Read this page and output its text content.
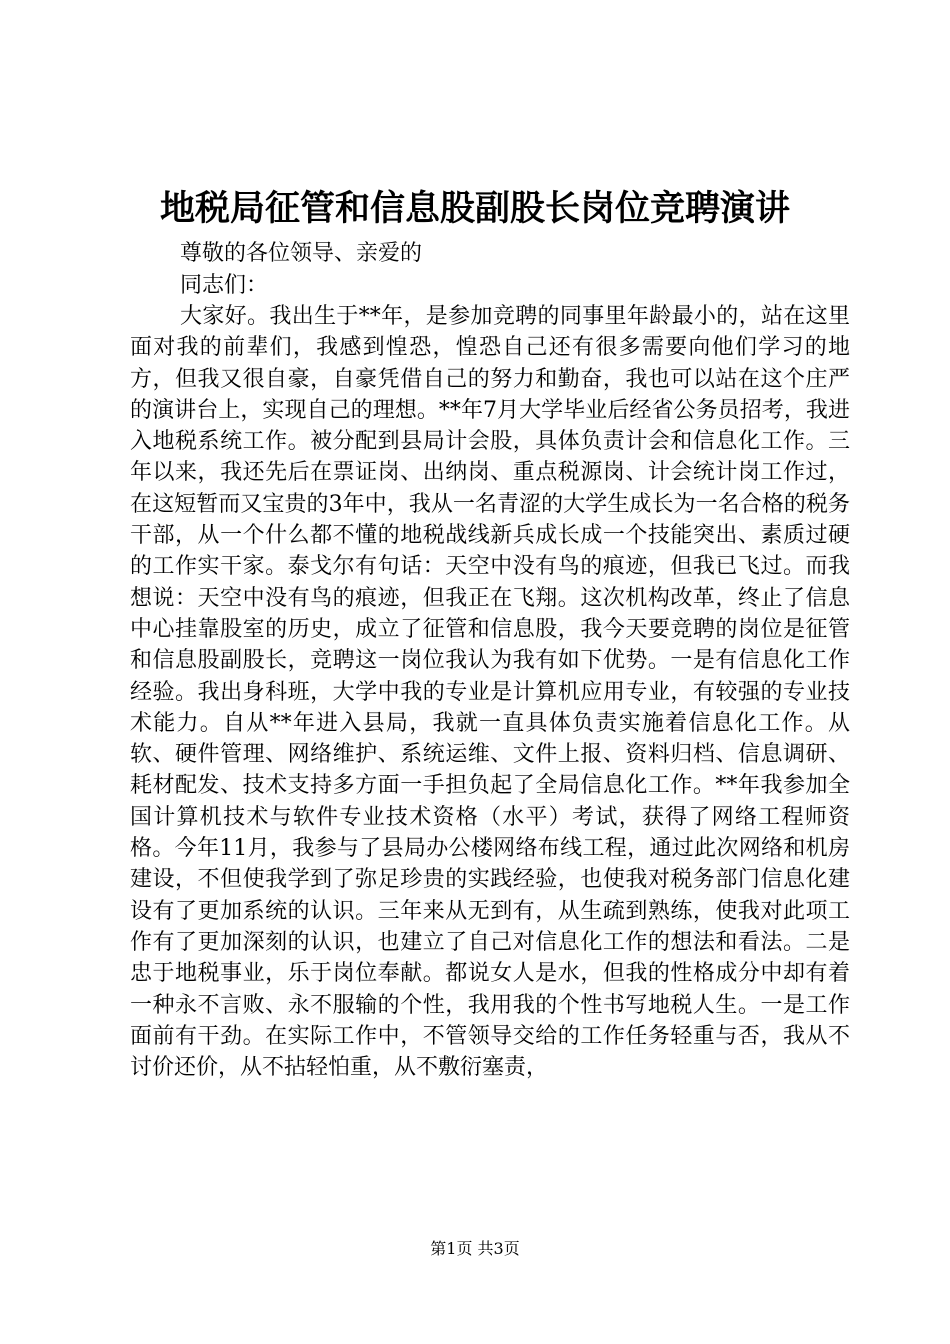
地税局征管和信息股副股长岗位竞聘演讲

尊敬的各位领导、亲爱的

同志们：

大家好。我出生于**年，是参加竞聘的同事里年龄最小的，站在这里面对我的前辈们，我感到惶恐，惶恐自己还有很多需要向他们学习的地方，但我又很自豪，自豪凭借自己的努力和勤奋，我也可以站在这个庄严的演讲台上，实现自己的理想。**年7月大学毕业后经省公务员招考，我进入地税系统工作。被分配到县局计会股，具体负责计会和信息化工作。三年以来，我还先后在票证岗、出纳岗、重点税源岗、计会统计岗工作过，在这短暂而又宝贵的3年中，我从一名青涩的大学生成长为一名合格的税务干部，从一个什么都不懂的地税战线新兵成长成一个技能突出、素质过硬的工作实干家。泰戈尔有句话：天空中没有鸟的痕迹，但我已飞过。而我想说：天空中没有鸟的痕迹，但我正在飞翔。这次机构改革，终止了信息中心挂靠股室的历史，成立了征管和信息股，我今天要竞聘的岗位是征管和信息股副股长，竞聘这一岗位我认为我有如下优势。一是有信息化工作经验。我出身科班，大学中我的专业是计算机应用专业，有较强的专业技术能力。自从**年进入县局，我就一直具体负责实施着信息化工作。从软、硬件管理、网络维护、系统运维、文件上报、资料归档、信息调研、耗材配发、技术支持多方面一手担负起了全局信息化工作。**年我参加全国计算机技术与软件专业技术资格（水平）考试，获得了网络工程师资格。今年11月，我参与了县局办公楼网络布线工程，通过此次网络和机房建设，不但使我学到了弥足珍贵的实践经验，也使我对税务部门信息化建设有了更加系统的认识。三年来从无到有，从生疏到熟练，使我对此项工作有了更加深刻的认识，也建立了自己对信息化工作的想法和看法。二是忠于地税事业，乐于岗位奉献。都说女人是水，但我的性格成分中却有着一种永不言败、永不服输的个性，我用我的个性书写地税人生。一是工作面前有干劲。在实际工作中，不管领导交给的工作任务轻重与否，我从不讨价还价，从不拈轻怕重，从不敷衍塞责，

第1页 共3页
